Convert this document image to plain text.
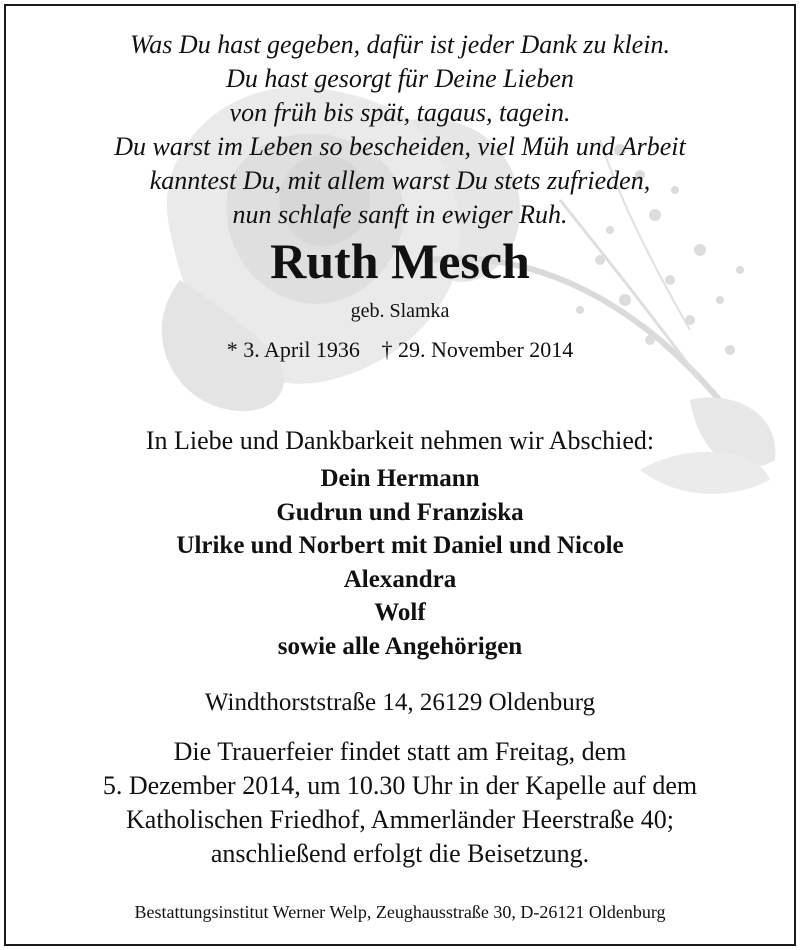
Was Du hast gegeben, dafür ist jeder Dank zu klein.
Du hast gesorgt für Deine Lieben
von früh bis spät, tagaus, tagein.
Du warst im Leben so bescheiden, viel Müh und Arbeit
kanntest Du, mit allem warst Du stets zufrieden,
nun schlafe sanft in ewiger Ruh.
Ruth Mesch
geb. Slamka
* 3. April 1936 † 29. November 2014
In Liebe und Dankbarkeit nehmen wir Abschied:
Dein Hermann
Gudrun und Franziska
Ulrike und Norbert mit Daniel und Nicole
Alexandra
Wolf
sowie alle Angehörigen
Windthorststraße 14, 26129 Oldenburg
Die Trauerfeier findet statt am Freitag, dem
5. Dezember 2014, um 10.30 Uhr in der Kapelle auf dem
Katholischen Friedhof, Ammerländer Heerstraße 40;
anschließend erfolgt die Beisetzung.
Bestattungsinstitut Werner Welp, Zeughausstraße 30, D-26121 Oldenburg
